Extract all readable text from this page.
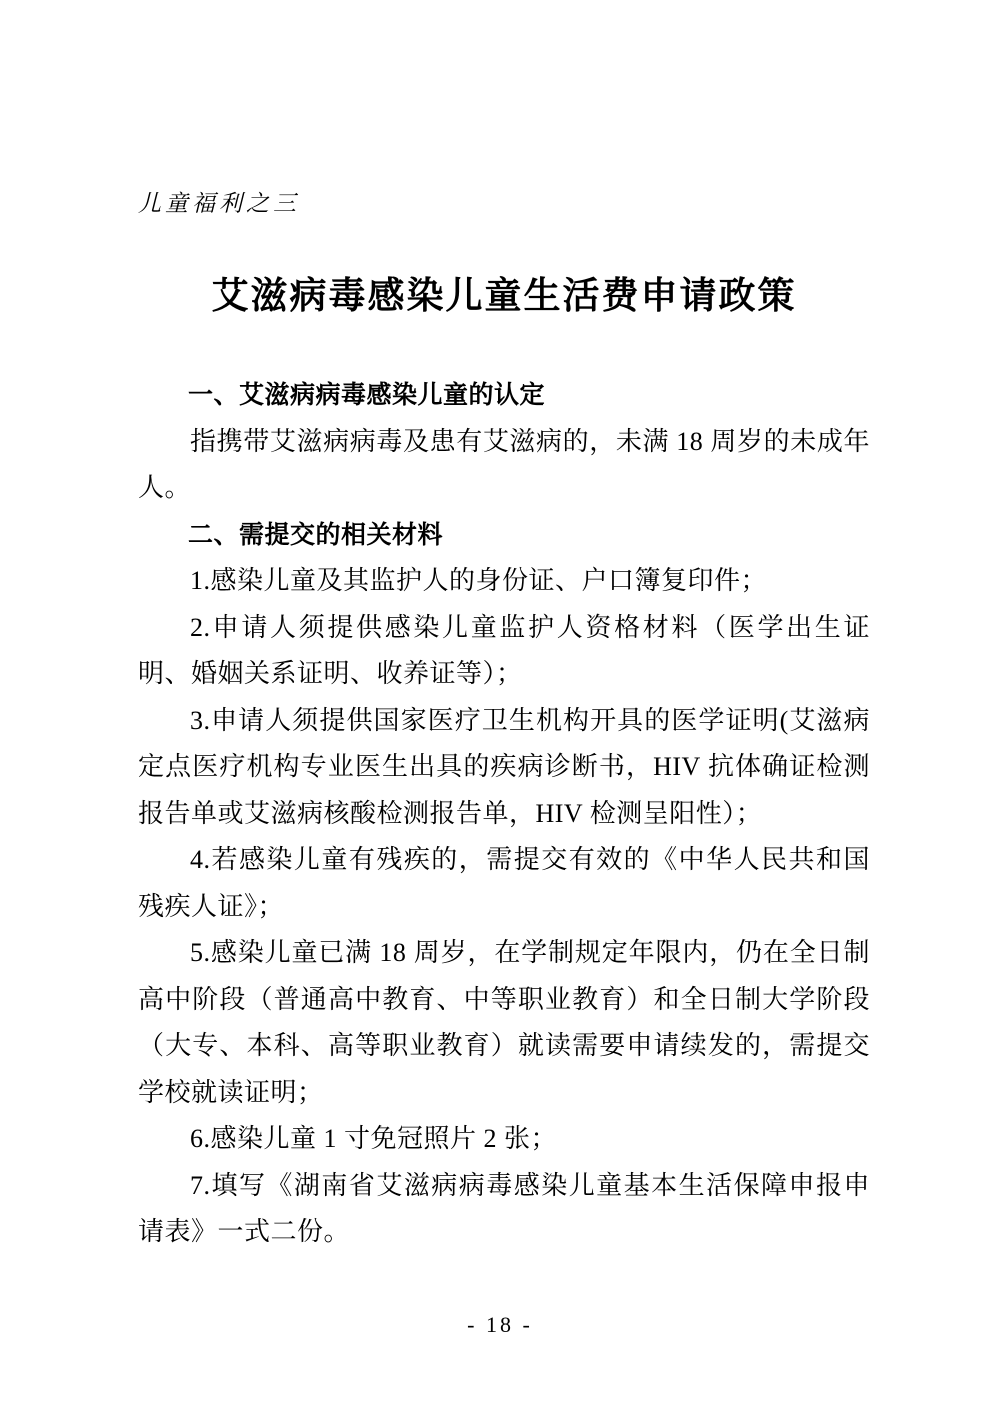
儿童福利之三
艾滋病毒感染儿童生活费申请政策
一、艾滋病病毒感染儿童的认定

指携带艾滋病病毒及患有艾滋病的，未满 18 周岁的未成年人。

二、需提交的相关材料

1.感染儿童及其监护人的身份证、户口簿复印件；

2.申请人须提供感染儿童监护人资格材料（医学出生证明、婚姻关系证明、收养证等）；

3.申请人须提供国家医疗卫生机构开具的医学证明(艾滋病定点医疗机构专业医生出具的疾病诊断书，HIV 抗体确证检测报告单或艾滋病核酸检测报告单，HIV 检测呈阳性）；

4.若感染儿童有残疾的，需提交有效的《中华人民共和国残疾人证》；

5.感染儿童已满 18 周岁，在学制规定年限内，仍在全日制高中阶段（普通高中教育、中等职业教育）和全日制大学阶段（大专、本科、高等职业教育）就读需要申请续发的，需提交学校就读证明；

6.感染儿童 1 寸免冠照片 2 张；

7.填写《湖南省艾滋病病毒感染儿童基本生活保障申报申请表》一式二份。

- 18 -
